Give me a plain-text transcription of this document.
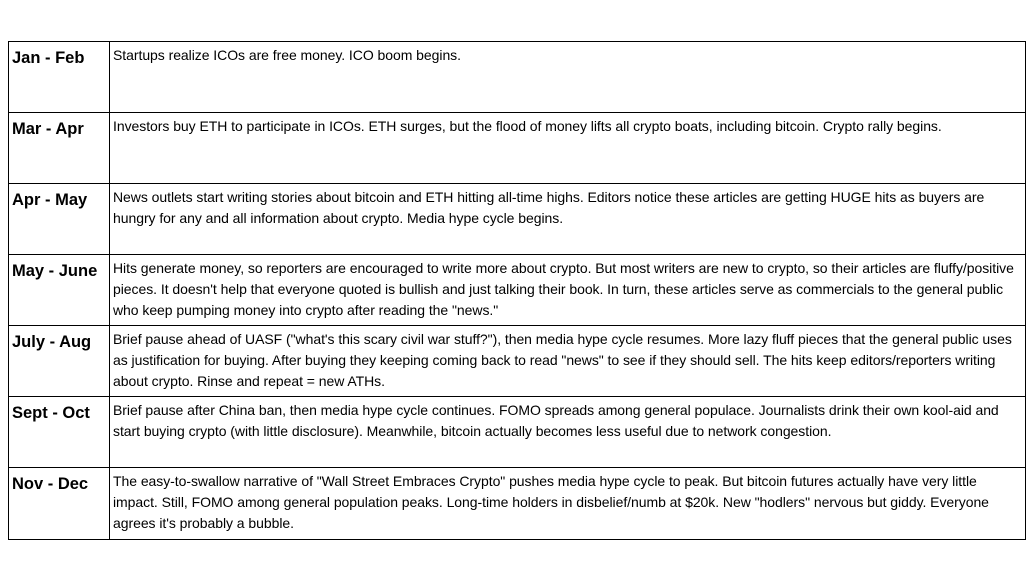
Jan - Feb	Startups realize ICOs are free money. ICO boom begins.

Mar - Apr	Investors buy ETH to participate in ICOs. ETH surges, but the flood of money lifts all crypto boats, including bitcoin. Crypto rally begins.

Apr - May	News outlets start writing stories about bitcoin and ETH hitting all-time highs. Editors notice these articles are getting HUGE hits as buyers are hungry for any and all information about crypto. Media hype cycle begins.

May - June	Hits generate money, so reporters are encouraged to write more about crypto. But most writers are new to crypto, so their articles are fluffy/positive pieces. It doesn't help that everyone quoted is bullish and just talking their book. In turn, these articles serve as commercials to the general public who keep pumping money into crypto after reading the "news."

July - Aug	Brief pause ahead of UASF ("what's this scary civil war stuff?"), then media hype cycle resumes. More lazy fluff pieces that the general public uses as justification for buying. After buying they keeping coming back to read "news" to see if they should sell. The hits keep editors/reporters writing about crypto. Rinse and repeat = new ATHs.

Sept - Oct	Brief pause after China ban, then media hype cycle continues. FOMO spreads among general populace. Journalists drink their own kool-aid and start buying crypto (with little disclosure). Meanwhile, bitcoin actually becomes less useful due to network congestion.

Nov - Dec	The easy-to-swallow narrative of "Wall Street Embraces Crypto" pushes media hype cycle to peak. But bitcoin futures actually have very little impact. Still, FOMO among general population peaks. Long-time holders in disbelief/numb at $20k. New "hodlers" nervous but giddy. Everyone agrees it's probably a bubble.
